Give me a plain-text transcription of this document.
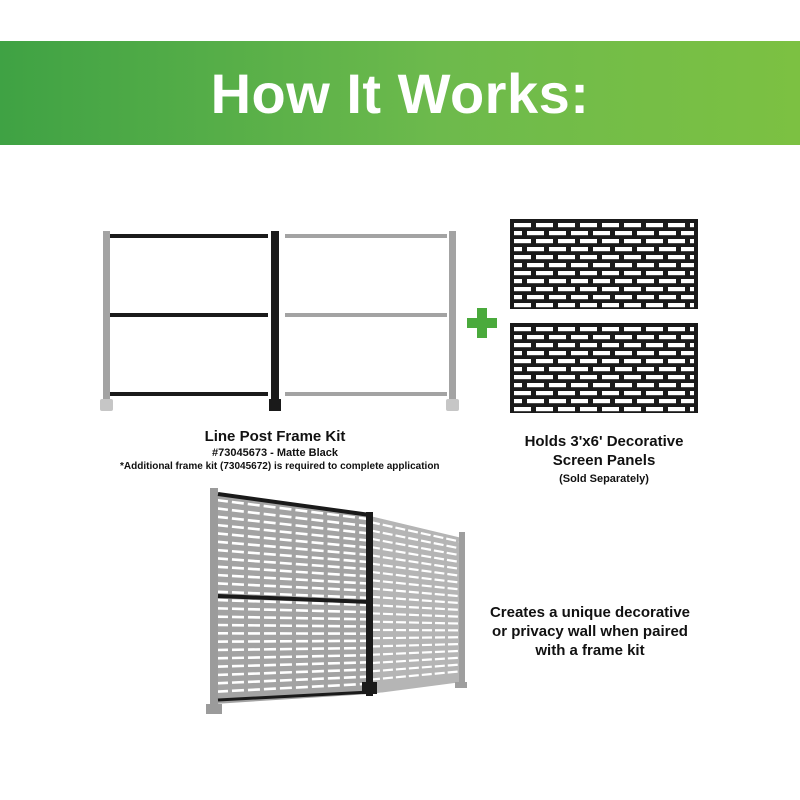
How It Works:
Line Post Frame Kit
#73045673 - Matte Black
*Additional frame kit (73045672) is required to complete application
Holds 3'x6' Decorative
Screen Panels
(Sold Separately)
Creates a unique decorative
or privacy wall when paired
with a frame kit
